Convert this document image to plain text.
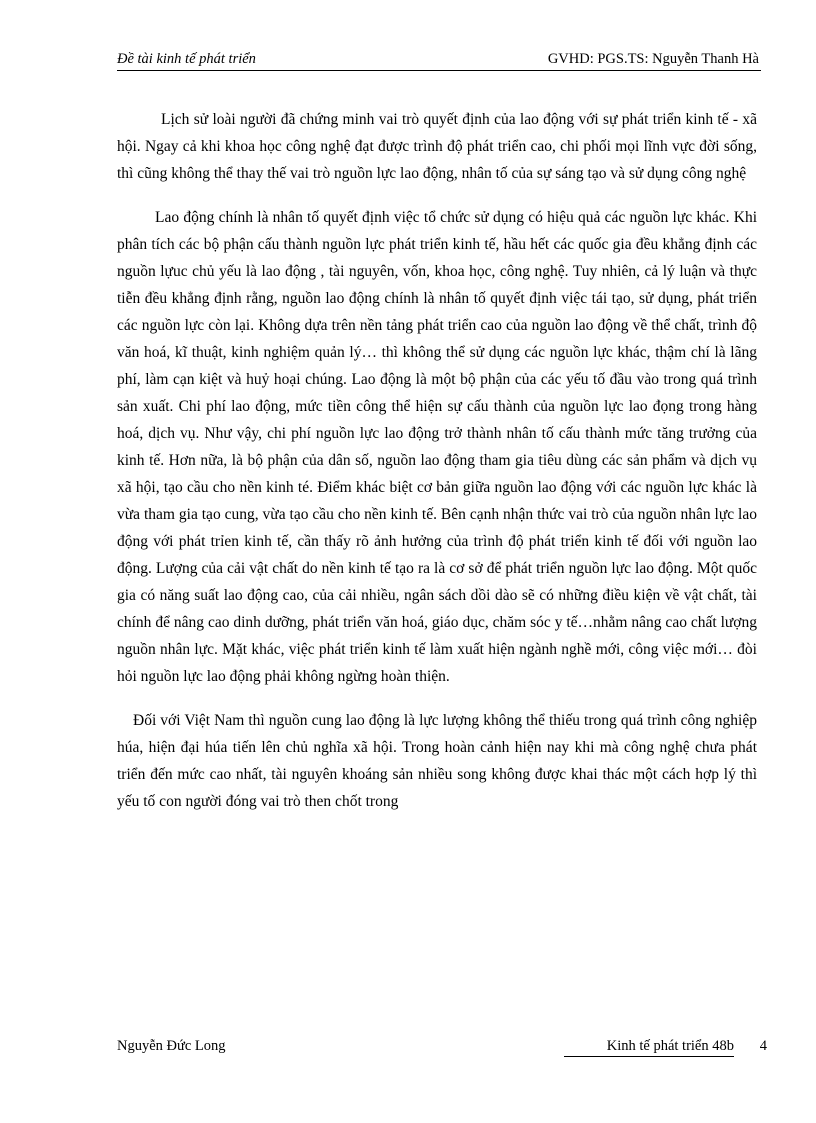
Đề tài kinh tế phát triển	GVHD: PGS.TS: Nguyễn Thanh Hà

Lịch sử loài người đã chứng minh vai trò quyết định của lao động với sự phát triển kinh tế - xã hội. Ngay cả khi khoa học công nghệ đạt được trình độ phát triển cao, chi phối mọi lĩnh vực đời sống, thì cũng không thể thay thế vai trò nguồn lực lao động, nhân tố của sự sáng tạo và sử dụng công nghệ

Lao động chính là nhân tố quyết định việc tổ chức sử dụng có hiệu quả các nguồn lực khác. Khi phân tích các bộ phận cấu thành nguồn lực phát triển kinh tế, hầu hết các quốc gia đều khẳng định các nguồn lựuc chủ yếu là lao động , tài nguyên, vốn, khoa học, công nghệ. Tuy nhiên, cả lý luận và thực tiễn đều khẳng định rằng, nguồn lao động chính là nhân tố quyết định việc tái tạo, sử dụng, phát triển các nguồn lực còn lại. Không dựa trên nền tảng phát triển cao của nguồn lao động về thể chất, trình độ văn hoá, kĩ thuật, kinh nghiệm quản lý… thì không thể sử dụng các nguồn lực khác, thậm chí là lãng phí, làm cạn kiệt và huỷ hoại chúng. Lao động là một bộ phận của các yếu tố đầu vào trong quá trình sản xuất. Chi phí lao động, mức tiền công thể hiện sự cấu thành của nguồn lực lao đọng trong hàng hoá, dịch vụ. Như vậy, chi phí nguồn lực lao động trở thành nhân tố cấu thành mức tăng trưởng của kinh tế. Hơn nữa, là bộ phận của dân số, nguồn lao động tham gia tiêu dùng các sản phẩm và dịch vụ xã hội, tạo cầu cho nền kinh té. Điểm khác biệt cơ bản giữa nguồn lao động với các nguồn lực khác là vừa tham gia tạo cung, vừa tạo cầu cho nền kinh tế. Bên cạnh nhận thức vai trò của nguồn nhân lực lao động với phát trỉen kinh tế, cần thấy rõ ảnh hưởng của trình độ phát triển kinh tế đối với nguồn lao động. Lượng của cải vật chất do nền kinh tế tạo ra là cơ sở để phát triển nguồn lực lao động. Một quốc gia có năng suất lao động cao, của cải nhiều, ngân sách dồi dào sẽ có những điều kiện về vật chất, tài chính để nâng cao dinh dưỡng, phát triển văn hoá, giáo dục, chăm sóc y tế…nhằm nâng cao chất lượng nguồn nhân lực. Mặt khác, việc phát triển kinh tế làm xuất hiện ngành nghề mới, công việc mới… đòi hỏi nguồn lực lao động phải không ngừng hoàn thiện.

Đối với Việt Nam thì nguồn cung lao động là lực lượng không thể thiếu trong quá trình công nghiệp húa, hiện đại húa tiến lên chủ nghĩa xã hội. Trong hoàn cảnh hiện nay khi mà công nghệ chưa phát triển đến mức cao nhất, tài nguyên khoáng sản nhiều song không được khai thác một cách hợp lý thì yếu tố con người đóng vai trò then chốt trong

Nguyễn Đức Long	Kinh tế phát triển 48b 4
